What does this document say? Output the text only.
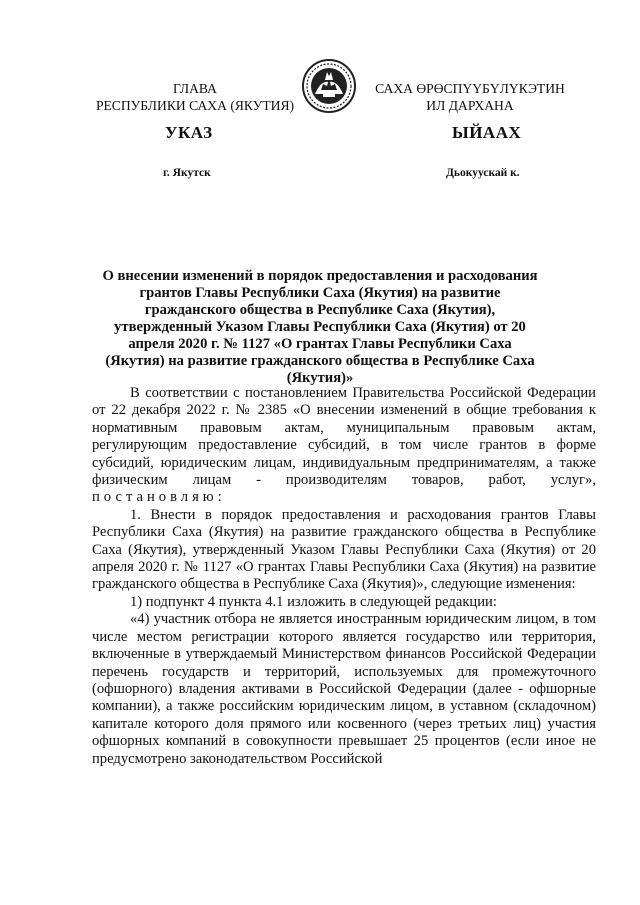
ГЛАВА
РЕСПУБЛИКИ САХА (ЯКУТИЯ)
САХА ӨРӨСПҮҮБҮЛҮКЭТИН
ИЛ ДАРХАНА
УКАЗ	ЫЙААХ
г. Якутск	Дьокуускай к.
О внесении изменений в порядок предоставления и расходования грантов Главы Республики Саха (Якутия) на развитие гражданского общества в Республике Саха (Якутия), утвержденный Указом Главы Республики Саха (Якутия) от 20 апреля 2020 г. № 1127 «О грантах Главы Республики Саха (Якутия) на развитие гражданского общества в Республике Саха (Якутия)»

В соответствии с постановлением Правительства Российской Федерации от 22 декабря 2022 г. № 2385 «О внесении изменений в общие требования к нормативным правовым актам, муниципальным правовым актам, регулирующим предоставление субсидий, в том числе грантов в форме субсидий, юридическим лицам, индивидуальным предпринимателям, а также физическим лицам - производителям товаров, работ, услуг», постановляю:

1. Внести в порядок предоставления и расходования грантов Главы Республики Саха (Якутия) на развитие гражданского общества в Республике Саха (Якутия), утвержденный Указом Главы Республики Саха (Якутия) от 20 апреля 2020 г. № 1127 «О грантах Главы Республики Саха (Якутия) на развитие гражданского общества в Республике Саха (Якутия)», следующие изменения:

1) подпункт 4 пункта 4.1 изложить в следующей редакции:

«4) участник отбора не является иностранным юридическим лицом, в том числе местом регистрации которого является государство или территория, включенные в утверждаемый Министерством финансов Российской Федерации перечень государств и территорий, используемых для промежуточного (офшорного) владения активами в Российской Федерации (далее - офшорные компании), а также российским юридическим лицом, в уставном (складочном) капитале которого доля прямого или косвенного (через третьих лиц) участия офшорных компаний в совокупности превышает 25 процентов (если иное не предусмотрено законодательством Российской
